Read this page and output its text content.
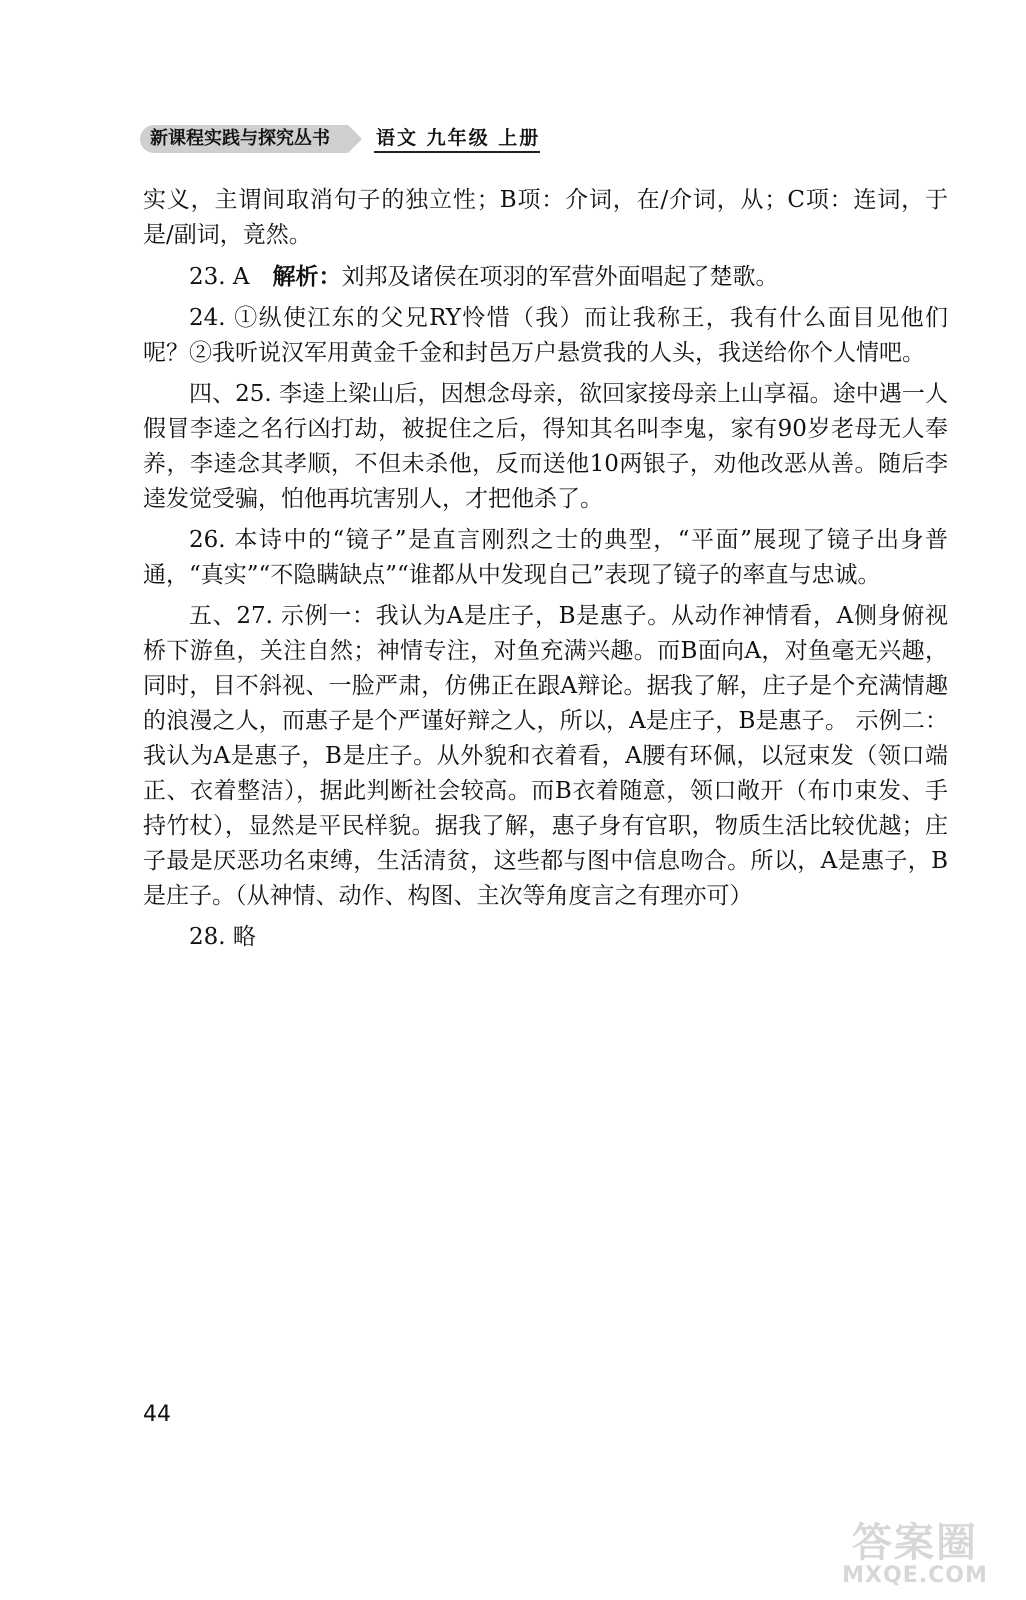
新课程实践与探究丛书	语文 九年级 上册

实义，主谓间取消句子的独立性；B项：介词，在/介词，从；C项：连词，于是/副词，竟然。

23. A　 解析：刘邦及诸侯在项羽的军营外面唱起了楚歌。

24. ①纵使江东的父兄RY怜惜（我）而让我称王，我有什么面目见他们呢？②我听说汉军用黄金千金和封邑万户悬赏我的人头，我送给你个人情吧。

四、25. 李逵上梁山后，因想念母亲，欲回家接母亲上山享福。途中遇一人假冒李逵之名行凶打劫，被捉住之后，得知其名叫李鬼，家有90岁老母无人奉养，李逵念其孝顺，不但未杀他，反而送他10两银子，劝他改恶从善。随后李逵发觉受骗，怕他再坑害别人，才把他杀了。

26. 本诗中的“镜子”是直言刚烈之士的典型，“平面”展现了镜子出身普通，“真实”“不隐瞒缺点”“谁都从中发现自己”表现了镜子的率直与忠诚。

五、27. 示例一：我认为A是庄子，B是惠子。从动作神情看，A侧身俯视桥下游鱼，关注自然；神情专注，对鱼充满兴趣。而B面向A，对鱼毫无兴趣，同时，目不斜视、一脸严肃，仿佛正在跟A辩论。据我了解，庄子是个充满情趣的浪漫之人，而惠子是个严谨好辩之人，所以，A是庄子，B是惠子。 示例二：我认为A是惠子，B是庄子。从外貌和衣着看，A腰有环佩，以冠束发（领口端正、衣着整洁），据此判断社会较高。而B衣着随意，领口敞开（布巾束发、手持竹杖），显然是平民样貌。据我了解，惠子身有官职，物质生活比较优越；庄子最是厌恶功名束缚，生活清贫，这些都与图中信息吻合。所以，A是惠子，B是庄子。（从神情、动作、构图、主次等角度言之有理亦可）

28. 略

44
答案圈
MXQE.COM
